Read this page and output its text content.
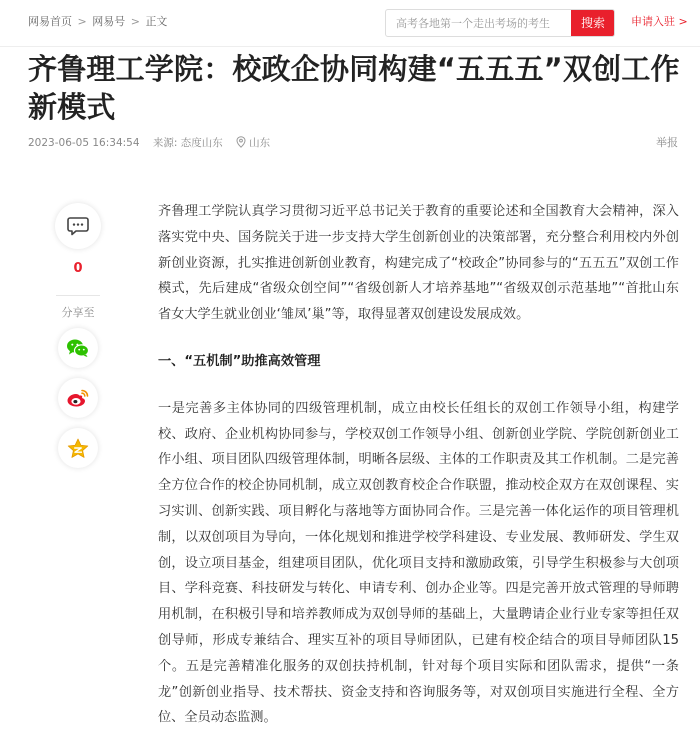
网易首页 > 网易号 > 正文
高考各地第一个走出考场的考生	搜索	申请入驻 >
齐鲁理工学院：校政企协同构建“五五五”双创工作新模式
2023-06-05 16:34:54 来源: 态度山东	山东	举报
0
分享至

齐鲁理工学院认真学习贯彻习近平总书记关于教育的重要论述和全国教育大会精神，深入落实党中央、国务院关于进一步支持大学生创新创业的决策部署，充分整合利用校内外创新创业资源，扎实推进创新创业教育，构建完成了“校政企”协同参与的“五五五”双创工作模式，先后建成“省级众创空间”“省级创新人才培养基地”“省级双创示范基地”“首批山东省女大学生就业创业‘雏凤’巢”等，取得显著双创建设发展成效。

一、“五机制”助推高效管理

一是完善多主体协同的四级管理机制，成立由校长任组长的双创工作领导小组，构建学校、政府、企业机构协同参与，学校双创工作领导小组、创新创业学院、学院创新创业工作小组、项目团队四级管理体制，明晰各层级、主体的工作职责及其工作机制。二是完善全方位合作的校企协同机制，成立双创教育校企合作联盟，推动校企双方在双创课程、实习实训、创新实践、项目孵化与落地等方面协同合作。三是完善一体化运作的项目管理机制，以双创项目为导向，一体化规划和推进学校学科建设、专业发展、教师研发、学生双创，设立项目基金，组建项目团队，优化项目支持和激励政策，引导学生积极参与大创项目、学科竞赛、科技研发与转化、申请专利、创办企业等。四是完善开放式管理的导师聘用机制，在积极引导和培养教师成为双创导师的基础上，大量聘请企业行业专家等担任双创导师，形成专兼结合、理实互补的项目导师团队，已建有校企结合的项目导师团队15个。五是完善精准化服务的双创扶持机制，针对每个项目实际和团队需求，提供“一条龙”创新创业指导、技术帮扶、资金支持和咨询服务等，对双创项目实施进行全程、全方位、全员动态监测。
